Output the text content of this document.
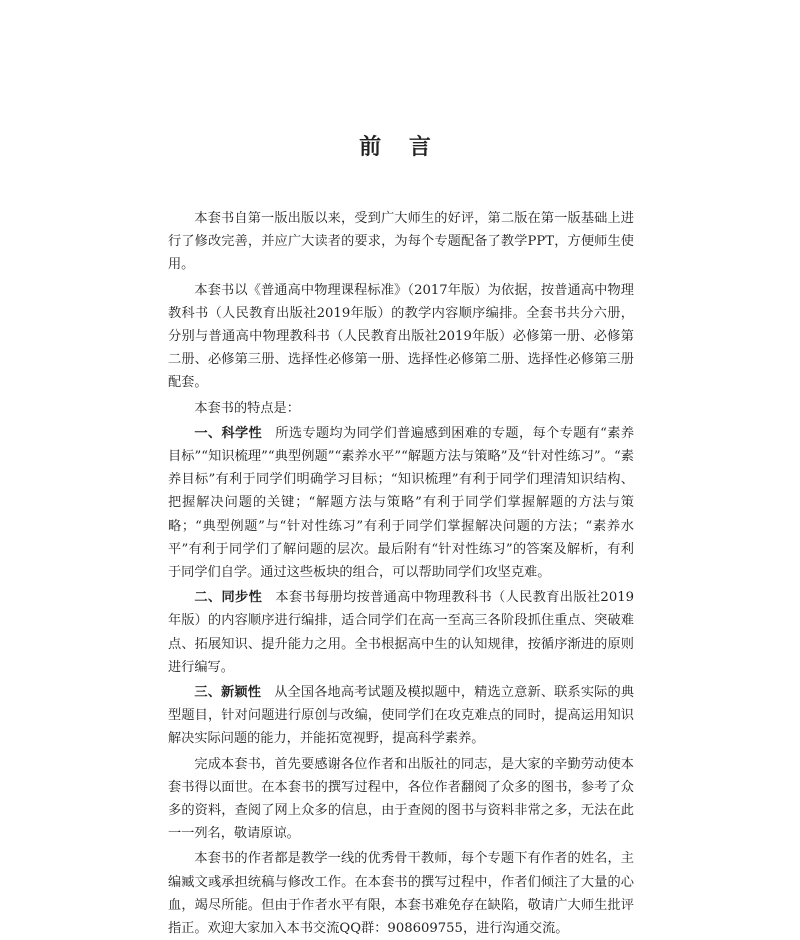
前 言

本套书自第一版出版以来，受到广大师生的好评，第二版在第一版基础上进行了修改完善，并应广大读者的要求，为每个专题配备了教学PPT，方便师生使用。

本套书以《普通高中物理课程标准》（2017年版）为依据，按普通高中物理教科书（人民教育出版社2019年版）的教学内容顺序编排。全套书共分六册，分别与普通高中物理教科书（人民教育出版社2019年版）必修第一册、必修第二册、必修第三册、选择性必修第一册、选择性必修第二册、选择性必修第三册配套。

本套书的特点是：

一、科学性 所选专题均为同学们普遍感到困难的专题，每个专题有“素养目标”“知识梳理”“典型例题”“素养水平”“解题方法与策略”及“针对性练习”。“素养目标”有利于同学们明确学习目标；“知识梳理”有利于同学们理清知识结构、把握解决问题的关键；“解题方法与策略”有利于同学们掌握解题的方法与策略；“典型例题”与“针对性练习”有利于同学们掌握解决问题的方法；“素养水平”有利于同学们了解问题的层次。最后附有“针对性练习”的答案及解析，有利于同学们自学。通过这些板块的组合，可以帮助同学们攻坚克难。

二、同步性 本套书每册均按普通高中物理教科书（人民教育出版社2019年版）的内容顺序进行编排，适合同学们在高一至高三各阶段抓住重点、突破难点、拓展知识、提升能力之用。全书根据高中生的认知规律，按循序渐进的原则进行编写。

三、新颖性 从全国各地高考试题及模拟题中，精选立意新、联系实际的典型题目，针对问题进行原创与改编，使同学们在攻克难点的同时，提高运用知识解决实际问题的能力，并能拓宽视野，提高科学素养。

完成本套书，首先要感谢各位作者和出版社的同志，是大家的辛勤劳动使本套书得以面世。在本套书的撰写过程中，各位作者翻阅了众多的图书，参考了众多的资料，查阅了网上众多的信息，由于查阅的图书与资料非常之多，无法在此一一列名，敬请原谅。

本套书的作者都是教学一线的优秀骨干教师，每个专题下有作者的姓名，主编臧文彧承担统稿与修改工作。在本套书的撰写过程中，作者们倾注了大量的心血，竭尽所能。但由于作者水平有限，本套书难免存在缺陷，敬请广大师生批评指正。欢迎大家加入本书交流QQ群：908609755，进行沟通交流。
